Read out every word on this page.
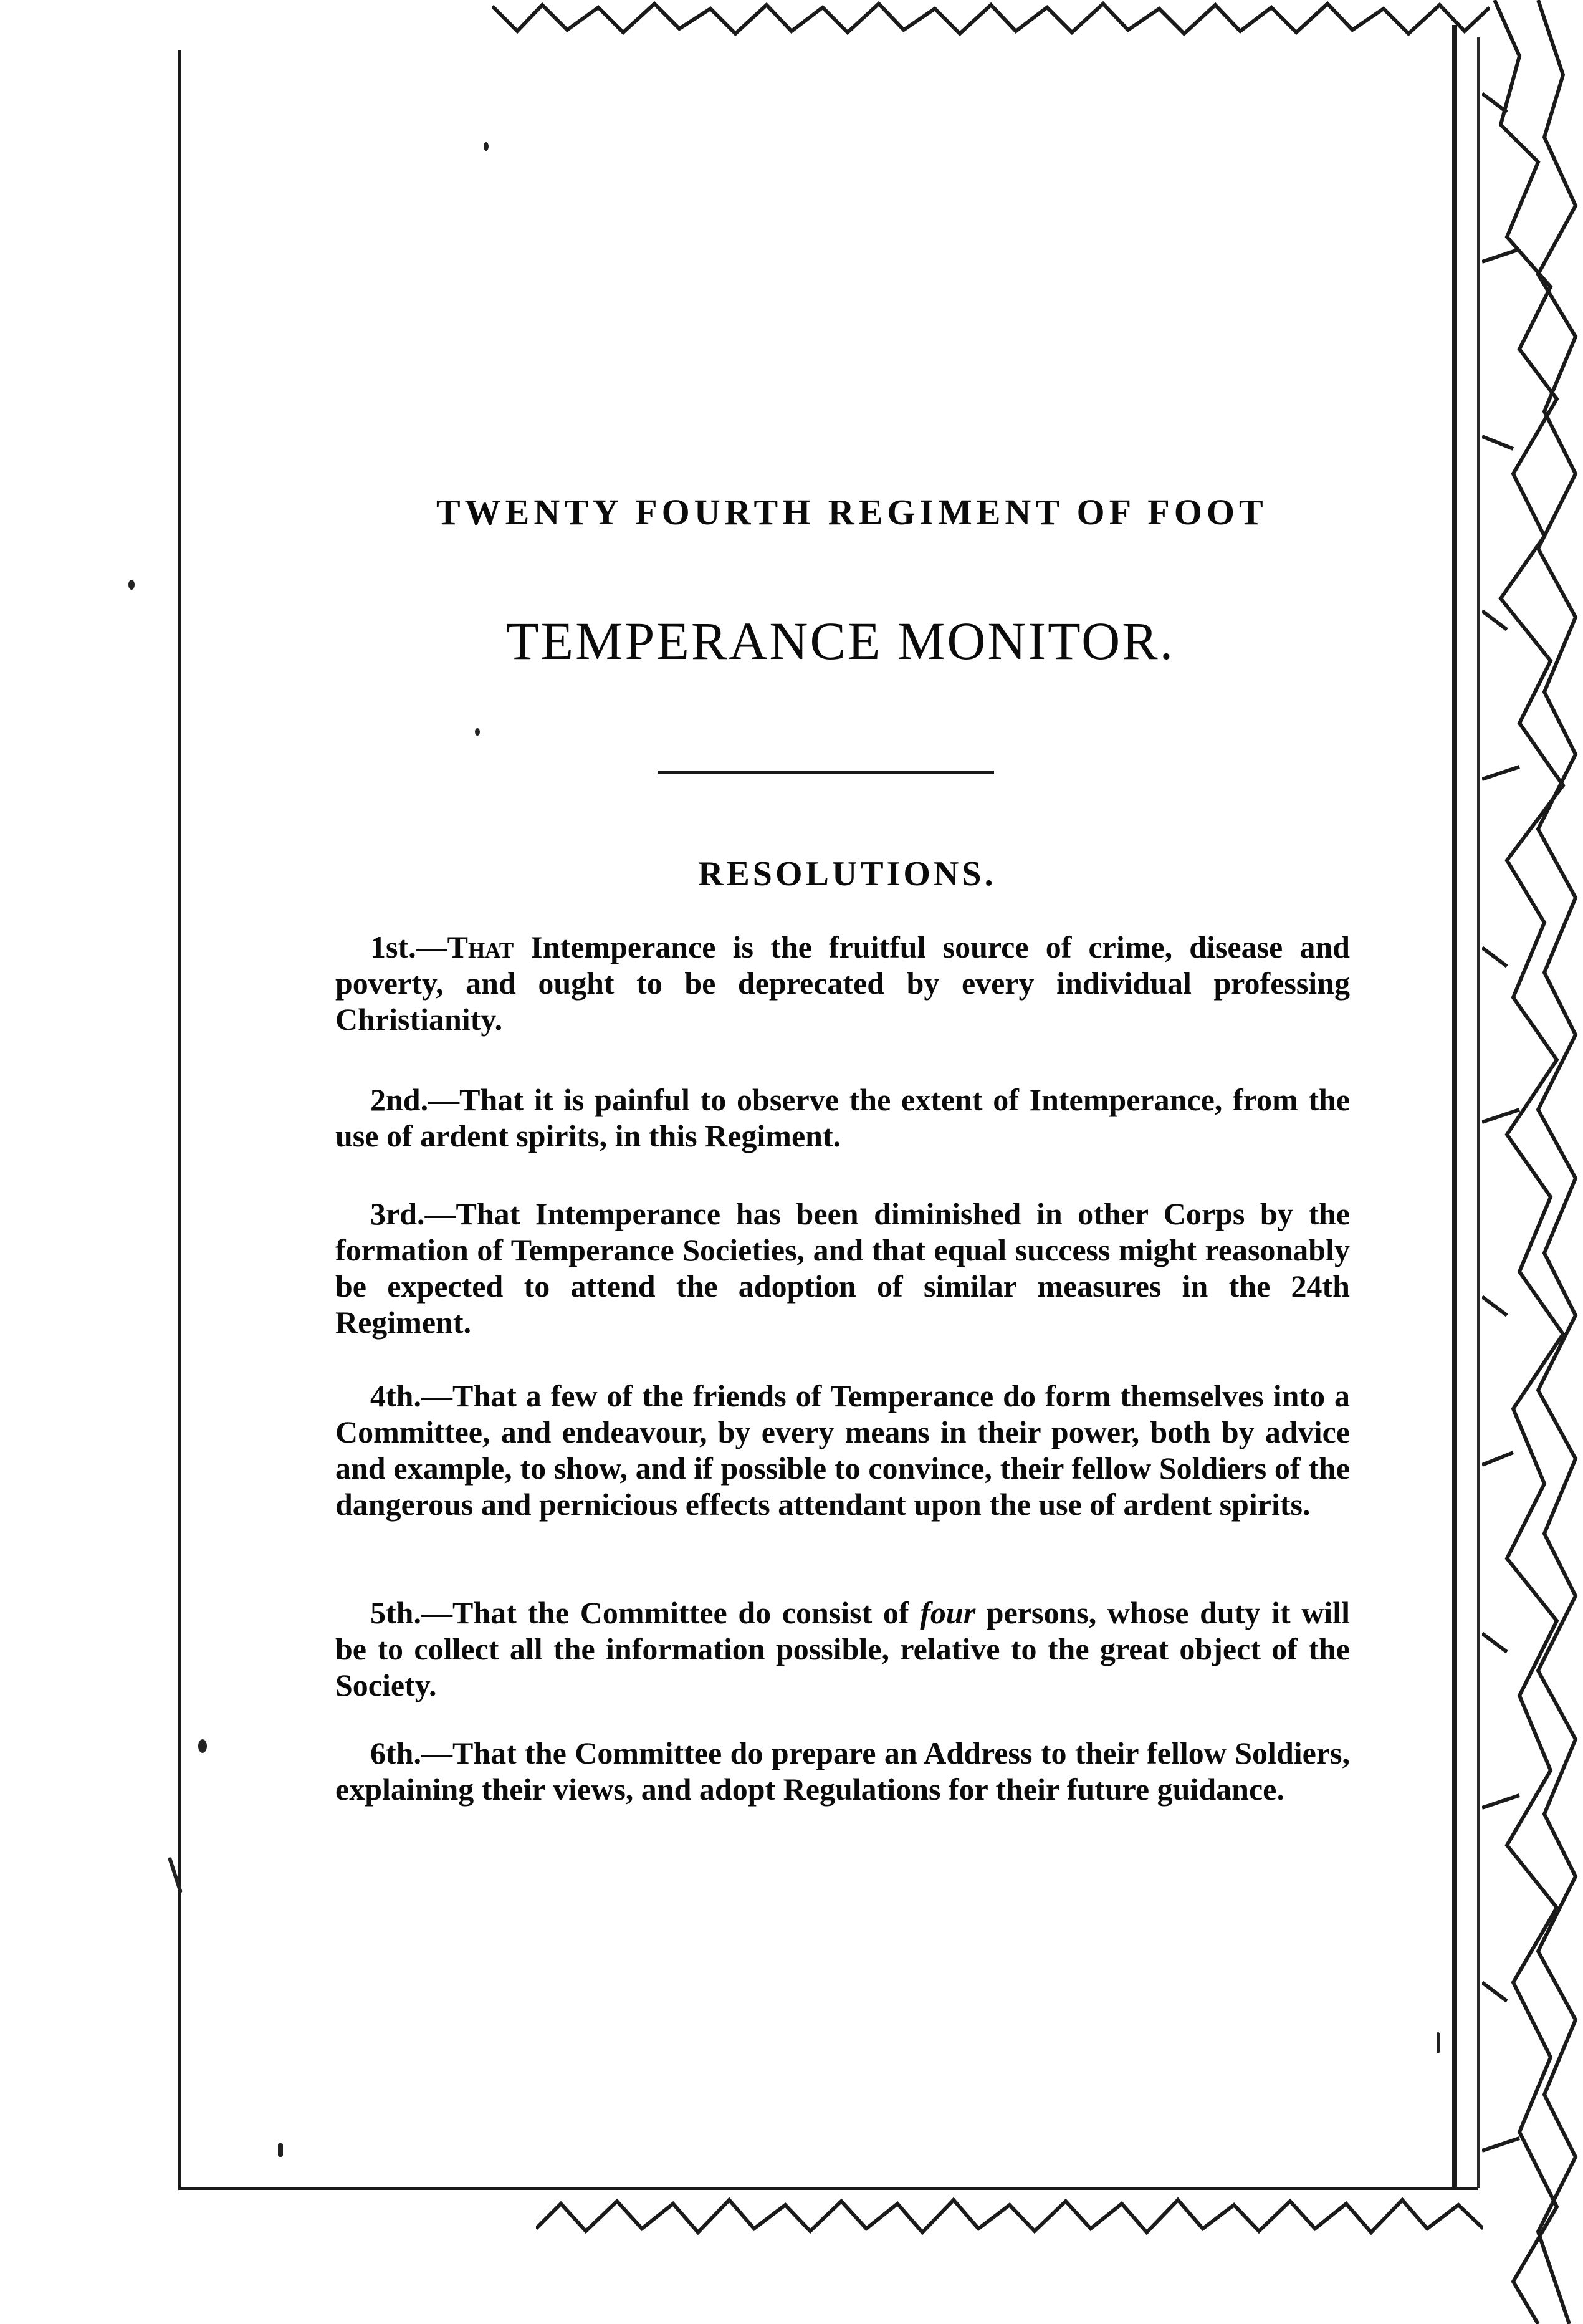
TWENTY FOURTH REGIMENT OF FOOT
TEMPERANCE MONITOR.
RESOLUTIONS.
1st.—That Intemperance is the fruitful source of crime, disease and poverty, and ought to be deprecated by every individual professing Christianity.
2nd.—That it is painful to observe the extent of Intemperance, from the use of ardent spirits, in this Regiment.
3rd.—That Intemperance has been diminished in other Corps by the formation of Temperance Societies, and that equal success might reasonably be expected to attend the adoption of similar measures in the 24th Regiment.
4th.—That a few of the friends of Temperance do form themselves into a Committee, and endeavour, by every means in their power, both by advice and example, to show, and if possible to convince, their fellow Soldiers of the dangerous and pernicious effects attendant upon the use of ardent spirits.
5th.—That the Committee do consist of four persons, whose duty it will be to collect all the information possible, relative to the great object of the Society.
6th.—That the Committee do prepare an Address to their fellow Soldiers, explaining their views, and adopt Regulations for their future guidance.
